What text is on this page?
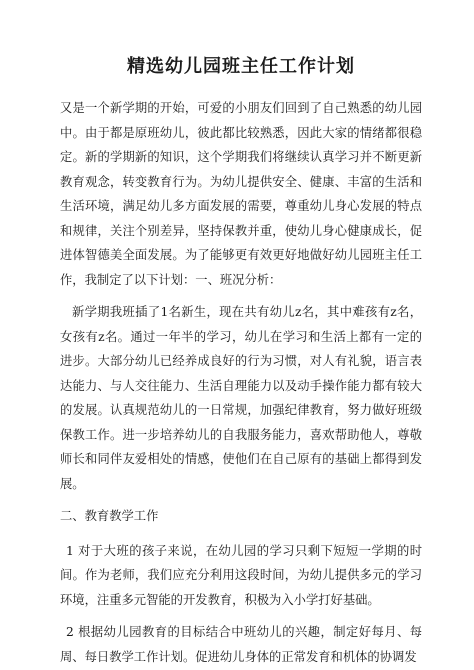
精选幼儿园班主任工作计划

又是一个新学期的开始，可爱的小朋友们回到了自己熟悉的幼儿园中。由于都是原班幼儿，彼此都比较熟悉，因此大家的情绪都很稳定。新的学期新的知识，这个学期我们将继续认真学习并不断更新教育观念，转变教育行为。为幼儿提供安全、健康、丰富的生活和生活环境，满足幼儿多方面发展的需要，尊重幼儿身心发展的特点和规律，关注个别差异，坚持保教并重，使幼儿身心健康成长，促进体智德美全面发展。为了能够更有效更好地做好幼儿园班主任工作，我制定了以下计划：一、班况分析：

新学期我班插了1名新生，现在共有幼儿z名，其中难孩有z名，女孩有z名。通过一年半的学习，幼儿在学习和生活上都有一定的进步。大部分幼儿已经养成良好的行为习惯，对人有礼貌，语言表达能力、与人交往能力、生活自理能力以及动手操作能力都有较大的发展。认真规范幼儿的一日常规，加强纪律教育，努力做好班级保教工作。进一步培养幼儿的自我服务能力，喜欢帮助他人，尊敬师长和同伴友爱相处的情感，使他们在自己原有的基础上都得到发展。

二、教育教学工作

1 对于大班的孩子来说，在幼儿园的学习只剩下短短一学期的时间。作为老师，我们应充分利用这段时间，为幼儿提供多元的学习环境，注重多元智能的开发教育，积极为入小学打好基础。

2 根据幼儿园教育的目标结合中班幼儿的兴趣，制定好每月、每周、每日教学工作计划。促进幼儿身体的正常发育和机体的协调发
